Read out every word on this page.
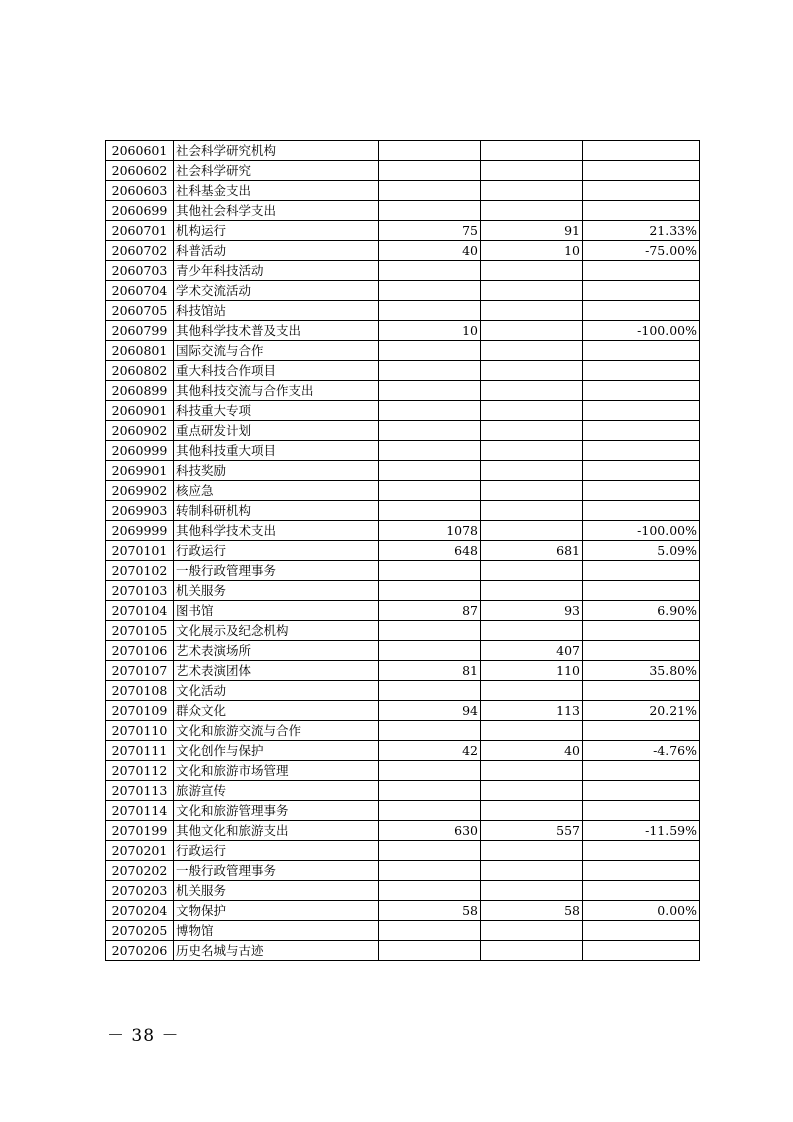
2060601	社会科学研究机构			
2060602	社会科学研究			
2060603	社科基金支出			
2060699	其他社会科学支出			
2060701	机构运行	75	91	21.33%
2060702	科普活动	40	10	-75.00%
2060703	青少年科技活动			
2060704	学术交流活动			
2060705	科技馆站			
2060799	其他科学技术普及支出	10		-100.00%
2060801	国际交流与合作			
2060802	重大科技合作项目			
2060899	其他科技交流与合作支出			
2060901	科技重大专项			
2060902	重点研发计划			
2060999	其他科技重大项目			
2069901	科技奖励			
2069902	核应急			
2069903	转制科研机构			
2069999	其他科学技术支出	1078		-100.00%
2070101	行政运行	648	681	5.09%
2070102	一般行政管理事务			
2070103	机关服务			
2070104	图书馆	87	93	6.90%
2070105	文化展示及纪念机构			
2070106	艺术表演场所		407	
2070107	艺术表演团体	81	110	35.80%
2070108	文化活动			
2070109	群众文化	94	113	20.21%
2070110	文化和旅游交流与合作			
2070111	文化创作与保护	42	40	-4.76%
2070112	文化和旅游市场管理			
2070113	旅游宣传			
2070114	文化和旅游管理事务			
2070199	其他文化和旅游支出	630	557	-11.59%
2070201	行政运行			
2070202	一般行政管理事务			
2070203	机关服务			
2070204	文物保护	58	58	0.00%
2070205	博物馆			
2070206	历史名城与古迹			
－ 38 －
